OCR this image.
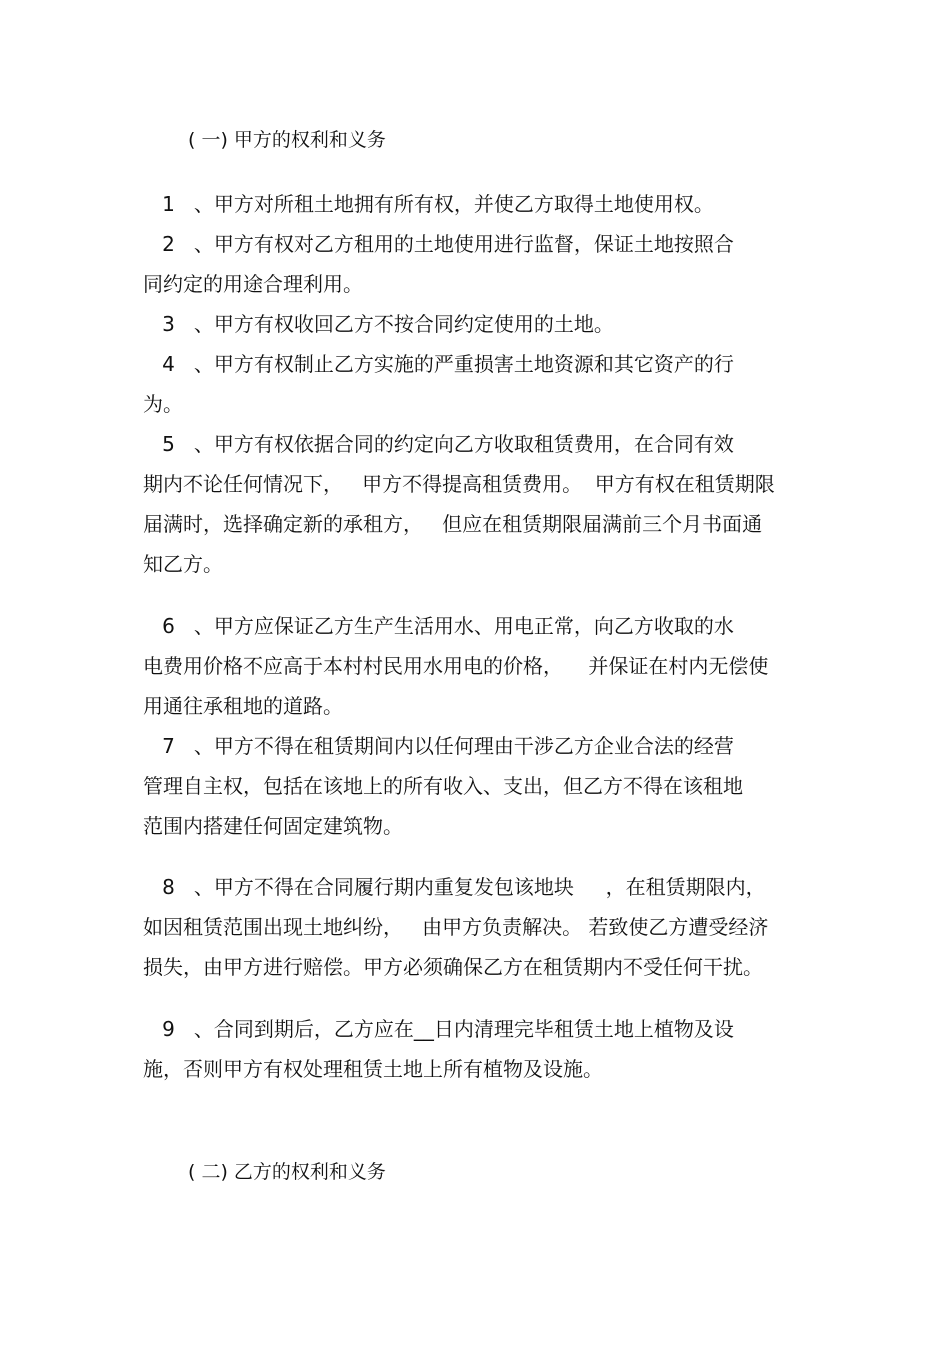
( 一) 甲方的权利和义务
1   、甲方对所租土地拥有所有权，并使乙方取得土地使用权。
2   、甲方有权对乙方租用的土地使用进行监督，保证土地按照合
同约定的用途合理利用。
3   、甲方有权收回乙方不按合同约定使用的土地。
4   、甲方有权制止乙方实施的严重损害土地资源和其它资产的行
为。
5   、甲方有权依据合同的约定向乙方收取租赁费用，在合同有效
期内不论任何情况下，   甲方不得提高租赁费用。  甲方有权在租赁期限
届满时，选择确定新的承租方，   但应在租赁期限届满前三个月书面通
知乙方。
6   、甲方应保证乙方生产生活用水、用电正常，向乙方收取的水
电费用价格不应高于本村村民用水用电的价格，    并保证在村内无偿使
用通往承租地的道路。
7   、甲方不得在租赁期间内以任何理由干涉乙方企业合法的经营
管理自主权，包括在该地上的所有收入、支出，但乙方不得在该租地
范围内搭建任何固定建筑物。
8   、甲方不得在合同履行期内重复发包该地块     ，在租赁期限内，
如因租赁范围出现土地纠纷，   由甲方负责解决。 若致使乙方遭受经济
损失，由甲方进行赔偿。甲方必须确保乙方在租赁期内不受任何干扰。
9   、合同到期后，乙方应在__日内清理完毕租赁土地上植物及设
施，否则甲方有权处理租赁土地上所有植物及设施。
( 二) 乙方的权利和义务
